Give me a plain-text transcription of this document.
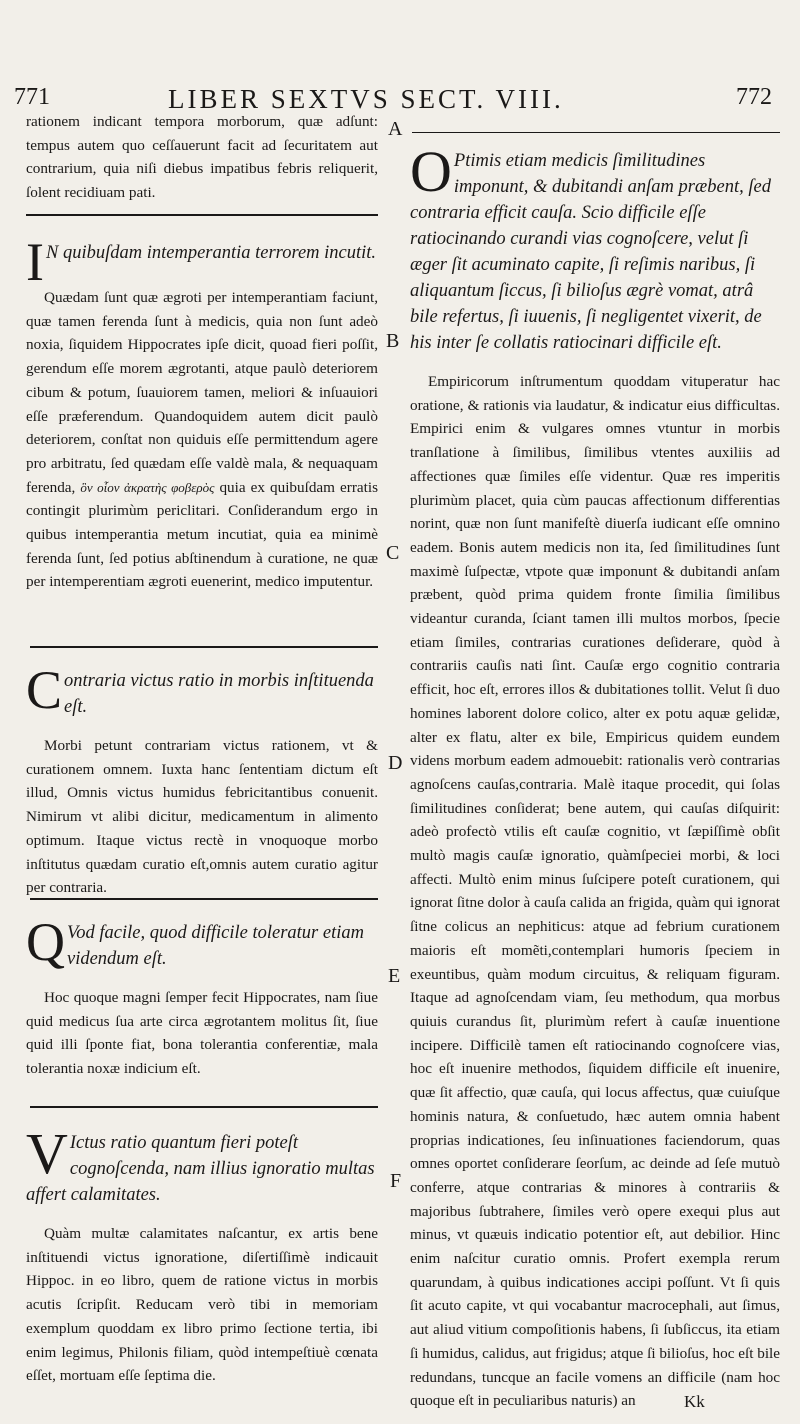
771	LIBER SEXTVS SECT. VIII.	772
A
B
C
D
E
F

rationem indicant tempora morborum, quæ adſunt: tempus autem quo ceſſauerunt facit ad ſecuritatem aut contrarium, quia niſi diebus impatibus febris reliquerit, ſolent recidiuam pati.

I N quibuſdam intemperantia terrorem incutit.

Quædam ſunt quæ ægroti per intemperantiam faciunt, quæ tamen ferenda ſunt à medicis, quia non ſunt adeò noxia, ſiquidem Hippocrates ipſe dicit, quoad fieri poſſit, gerendum eſſe morem ægrotanti, atque paulò deteriorem cibum & potum, ſuauiorem tamen, meliori & inſuauiori eſſe præferendum. Quandoquidem autem dicit paulò deteriorem, conſtat non quiduis eſſe permittendum agere pro arbitratu, ſed quædam eſſe valdè mala, & nequaquam ferenda, ὃν οἷον ἀκρατὴς φοβερὸς quia ex quibuſdam erratis contingit plurimùm periclitari. Conſiderandum ergo in quibus intemperantia metum incutiat, quia ea minimè ferenda ſunt, ſed potius abſtinendum à curatione, ne quæ per intemperentiam ægroti euenerint, medico imputentur.

Contraria victus ratio in morbis inſtituenda eſt.

Morbi petunt contrariam victus rationem, vt & curationem omnem. Iuxta hanc ſententiam dictum eſt illud, Omnis victus humidus febricitantibus conuenit. Nimirum vt alibi dicitur, medicamentum in alimento optimum. Itaque victus rectè in vnoquoque morbo inſtitutus quædam curatio eſt,omnis autem curatio agitur per contraria.

Q Vod facile, quod difficile toleratur etiam videndum eſt.

Hoc quoque magni ſemper fecit Hippocrates, nam ſiue quid medicus ſua arte circa ægrotantem molitus ſit, ſiue quid illi ſponte fiat, bona tolerantia conferentiæ, mala tolerantia noxæ indicium eſt.

V Ictus ratio quantum fieri poteſt cognoſcenda, nam illius ignoratio multas affert calamitates.

Quàm multæ calamitates naſcantur, ex artis bene inſtituendi victus ignoratione, diſertiſſimè indicauit Hippoc. in eo libro, quem de ratione victus in morbis acutis ſcripſit. Reducam verò tibi in memoriam exemplum quoddam ex libro primo ſectione tertia, ibi enim legimus, Philonis filiam, quòd intempeſtiuè cœnata eſſet, mortuam eſſe ſeptima die.

O Ptimis etiam medicis ſimilitudines imponunt, & dubitandi anſam præbent, ſed contraria efficit cauſa. Scio difficile eſſe ratiocinando curandi vias cognoſcere, velut ſi æger ſit acuminato capite, ſi reſimis naribus, ſi aliquantum ſiccus, ſi bilioſus ægrè vomat, atrâ bile refertus, ſi iuuenis, ſi negligentet vixerit, de his inter ſe collatis ratiocinari difficile eſt.

Empiricorum inſtrumentum quoddam vituperatur hac oratione, & rationis via laudatur, & indicatur eius difficultas. Empirici enim & vulgares omnes vtuntur in morbis tranſlatione à ſimilibus, ſimilibus vtentes auxiliis ad affectiones quæ ſimiles eſſe videntur. Quæ res imperitis plurimùm placet, quia cùm paucas affectionum differentias norint, quæ non ſunt manifeſtè diuerſa iudicant eſſe omnino eadem. Bonis autem medicis non ita, ſed ſimilitudines ſunt maximè ſuſpectæ, vtpote quæ imponunt & dubitandi anſam præbent, quòd prima quidem fronte ſimilia ſimilibus videantur curanda, ſciant tamen illi multos morbos, ſpecie etiam ſimiles, contrarias curationes deſiderare, quòd à contrariis cauſis nati ſint. Cauſæ ergo cognitio contraria efficit, hoc eſt, errores illos & dubitationes tollit. Velut ſi duo homines laborent dolore colico, alter ex potu aquæ gelidæ, alter ex flatu, alter ex bile, Empiricus quidem eundem videns morbum eadem admouebit: rationalis verò contrarias agnoſcens cauſas,contraria. Malè itaque procedit, qui ſolas ſimilitudines conſiderat; bene autem, qui cauſas diſquirit: adeò profectò vtilis eſt cauſæ cognitio, vt ſæpiſſimè obſit multò magis cauſæ ignoratio, quàmſpeciei morbi, & loci affecti. Multò enim minus ſuſcipere poteſt curationem, qui ignorat ſitne dolor à cauſa calida an frigida, quàm qui ignorat ſitne colicus an nephiticus: atque ad febrium curationem maioris eſt momẽti,contemplari humoris ſpeciem in exeuntibus, quàm modum circuitus, & reliquam figuram. Itaque ad agnoſcendam viam, ſeu methodum, qua morbus quiuis curandus ſit, plurimùm refert à cauſæ inuentione incipere. Difficilè tamen eſt ratiocinando cognoſcere vias, hoc eſt inuenire methodos, ſiquidem difficile eſt inuenire, quæ ſit affectio, quæ cauſa, qui locus affectus, quæ cuiuſque hominis natura, & conſuetudo, hæc autem omnia habent proprias indicationes, ſeu inſinuationes faciendorum, quas omnes oportet conſiderare ſeorſum, ac deinde ad ſeſe mutuò conferre, atque contrarias & minores à contrariis & majoribus ſubtrahere, ſimiles verò opere exequi plus aut minus, vt quæuis indicatio potentior eſt, aut debilior. Hinc enim naſcitur curatio omnis. Profert exempla rerum quarundam, à quibus indicationes accipi poſſunt. Vt ſi quis ſit acuto capite, vt qui vocabantur macrocephali, aut ſimus, aut aliud vitium compoſitionis habens, ſi ſubſiccus, ita etiam ſi humidus, calidus, aut frigidus; atque ſi bilioſus, hoc eſt bile redundans, tuncque an facile vomens an difficile (nam hoc quoque eſt in peculiaribus naturis) an	Kk
